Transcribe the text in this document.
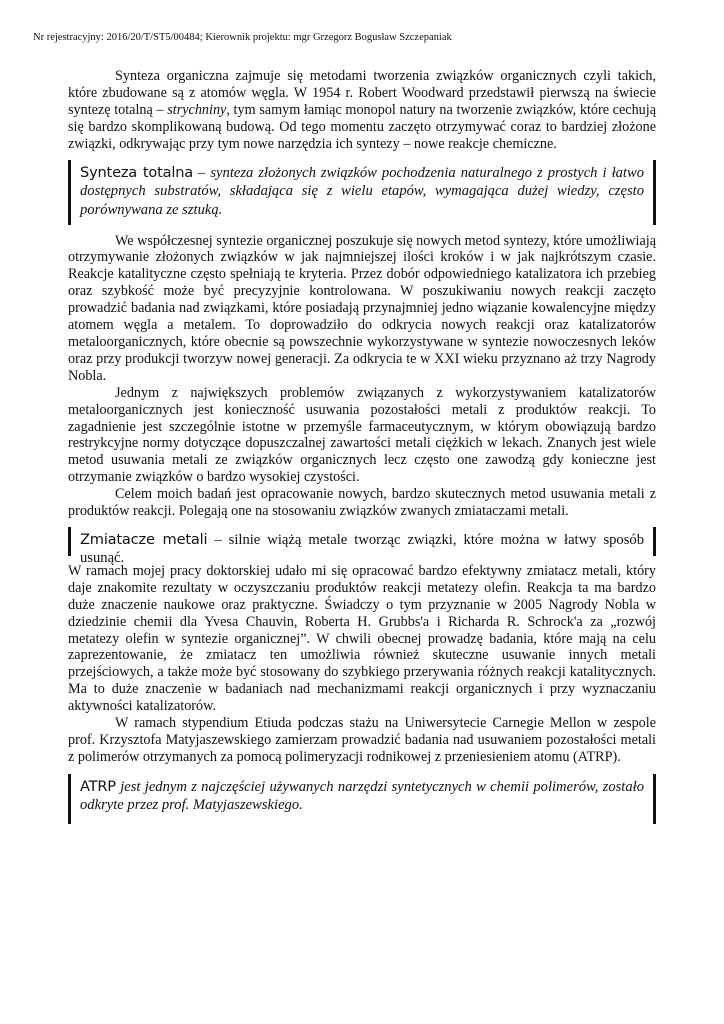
Nr rejestracyjny: 2016/20/T/ST5/00484; Kierownik projektu: mgr Grzegorz Bogusław Szczepaniak

Synteza organiczna zajmuje się metodami tworzenia związków organicznych czyli takich, które zbudowane są z atomów węgla. W 1954 r. Robert Woodward przedstawił pierwszą na świecie syntezę totalną – strychniny, tym samym łamiąc monopol natury na tworzenie związków, które cechują się bardzo skomplikowaną budową. Od tego momentu zaczęto otrzymywać coraz to bardziej złożone związki, odkrywając przy tym nowe narzędzia ich syntezy – nowe reakcje chemiczne.

Synteza totalna – synteza złożonych związków pochodzenia naturalnego z prostych i łatwo dostępnych substratów, składająca się z wielu etapów, wymagająca dużej wiedzy, często porównywana ze sztuką.

We współczesnej syntezie organicznej poszukuje się nowych metod syntezy, które umożliwiają otrzymywanie złożonych związków w jak najmniejszej ilości kroków i w jak najkrótszym czasie. Reakcje katalityczne często spełniają te kryteria. Przez dobór odpowiedniego katalizatora ich przebieg oraz szybkość może być precyzyjnie kontrolowana. W poszukiwaniu nowych reakcji zaczęto prowadzić badania nad związkami, które posiadają przynajmniej jedno wiązanie kowalencyjne między atomem węgla a metalem. To doprowadziło do odkrycia nowych reakcji oraz katalizatorów metaloorganicznych, które obecnie są powszechnie wykorzystywane w syntezie nowoczesnych leków oraz przy produkcji tworzyw nowej generacji. Za odkrycia te w XXI wieku przyznano aż trzy Nagrody Nobla.

Jednym z największych problemów związanych z wykorzystywaniem katalizatorów metaloorganicznych jest konieczność usuwania pozostałości metali z produktów reakcji. To zagadnienie jest szczególnie istotne w przemyśle farmaceutycznym, w którym obowiązują bardzo restrykcyjne normy dotyczące dopuszczalnej zawartości metali ciężkich w lekach. Znanych jest wiele metod usuwania metali ze związków organicznych lecz często one zawodzą gdy konieczne jest otrzymanie związków o bardzo wysokiej czystości.

Celem moich badań jest opracowanie nowych, bardzo skutecznych metod usuwania metali z produktów reakcji. Polegają one na stosowaniu związków zwanych zmiataczami metali.

Zmiatacze metali – silnie wiążą metale tworząc związki, które można w łatwy sposób usunąć.

W ramach mojej pracy doktorskiej udało mi się opracować bardzo efektywny zmiatacz metali, który daje znakomite rezultaty w oczyszczaniu produktów reakcji metatezy olefin. Reakcja ta ma bardzo duże znaczenie naukowe oraz praktyczne. Świadczy o tym przyznanie w 2005 Nagrody Nobla w dziedzinie chemii dla Yvesa Chauvin, Roberta H. Grubbs'a i Richarda R. Schrock'a za „rozwój metatezy olefin w syntezie organicznej”. W chwili obecnej prowadzę badania, które mają na celu zaprezentowanie, że zmiatacz ten umożliwia również skuteczne usuwanie innych metali przejściowych, a także może być stosowany do szybkiego przerywania różnych reakcji katalitycznych. Ma to duże znaczenie w badaniach nad mechanizmami reakcji organicznych i przy wyznaczaniu aktywności katalizatorów.

W ramach stypendium Etiuda podczas stażu na Uniwersytecie Carnegie Mellon w zespole prof. Krzysztofa Matyjaszewskiego zamierzam prowadzić badania nad usuwaniem pozostałości metali z polimerów otrzymanych za pomocą polimeryzacji rodnikowej z przeniesieniem atomu (ATRP).

ATRP jest jednym z najczęściej używanych narzędzi syntetycznych w chemii polimerów, zostało odkryte przez prof. Matyjaszewskiego.
